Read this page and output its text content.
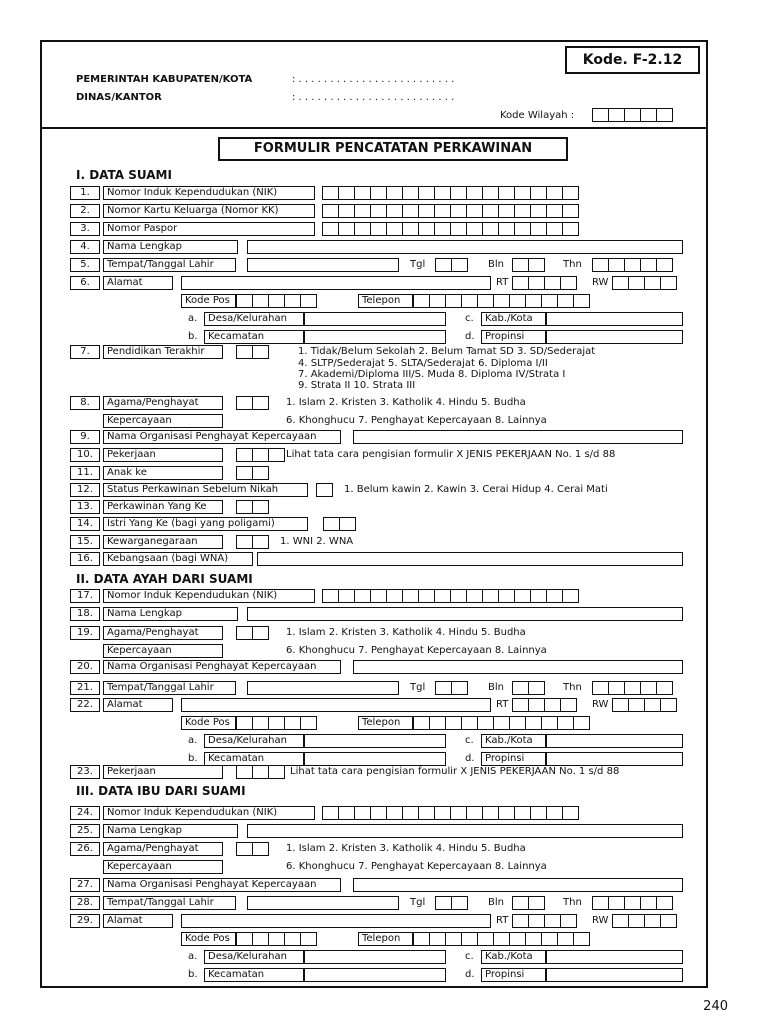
Kode. F-2.12
PEMERINTAH KABUPATEN/KOTA	: . . . . . . . . . . . . . . . . . . . . . . . . .
DINAS/KANTOR	: . . . . . . . . . . . . . . . . . . . . . . . . .
Kode Wilayah :
FORMULIR PENCATATAN PERKAWINAN
I. DATA SUAMI
II. DATA AYAH DARI SUAMI
III. DATA IBU DARI SUAMI
1.	Nomor Induk Kependudukan (NIK)
2.	Nomor Kartu Keluarga (Nomor KK)
3.	Nomor Paspor
4.	Nama Lengkap
5.	Tempat/Tanggal Lahir	Tgl	Bln	Thn
6.	Alamat	RT	RW
Kode Pos	Telepon
a.	Desa/Kelurahan	c.	Kab./Kota
b.	Kecamatan	d.	Propinsi
7.	Pendidikan Terakhir	1. Tidak/Belum Sekolah 2. Belum Tamat SD 3. SD/Sederajat
4. SLTP/Sederajat 5. SLTA/Sederajat 6. Diploma I/II
7. Akademi/Diploma III/S. Muda 8. Diploma IV/Strata I
9. Strata II 10. Strata III
8.	Agama/Penghayat	1. Islam 2. Kristen 3. Katholik 4. Hindu 5. Budha
Kepercayaan	6. Khonghucu 7. Penghayat Kepercayaan 8. Lainnya
9.	Nama Organisasi Penghayat Kepercayaan
10.	Pekerjaan	Lihat tata cara pengisian formulir X JENIS PEKERJAAN No. 1 s/d 88
11.	Anak ke
12.	Status Perkawinan Sebelum Nikah	1. Belum kawin 2. Kawin 3. Cerai Hidup 4. Cerai Mati
13.	Perkawinan Yang Ke
14.	Istri Yang Ke (bagi yang poligami)
15.	Kewarganegaraan	1. WNI 2. WNA
16.	Kebangsaan (bagi WNA)
17.	Nomor Induk Kependudukan (NIK)
18.	Nama Lengkap
19.	Agama/Penghayat	1. Islam 2. Kristen 3. Katholik 4. Hindu 5. Budha
Kepercayaan	6. Khonghucu 7. Penghayat Kepercayaan 8. Lainnya
20.	Nama Organisasi Penghayat Kepercayaan
21.	Tempat/Tanggal Lahir	Tgl	Bln	Thn
22.	Alamat	RT	RW
Kode Pos	Telepon
a.	Desa/Kelurahan	c.	Kab./Kota
b.	Kecamatan	d.	Propinsi
23.	Pekerjaan	Lihat tata cara pengisian formulir X JENIS PEKERJAAN No. 1 s/d 88
24.	Nomor Induk Kependudukan (NIK)
25.	Nama Lengkap
26.	Agama/Penghayat	1. Islam 2. Kristen 3. Katholik 4. Hindu 5. Budha
Kepercayaan	6. Khonghucu 7. Penghayat Kepercayaan 8. Lainnya
27.	Nama Organisasi Penghayat Kepercayaan
28.	Tempat/Tanggal Lahir	Tgl	Bln	Thn
29.	Alamat	RT	RW
Kode Pos	Telepon
a.	Desa/Kelurahan	c.	Kab./Kota
b.	Kecamatan	d.	Propinsi
240
